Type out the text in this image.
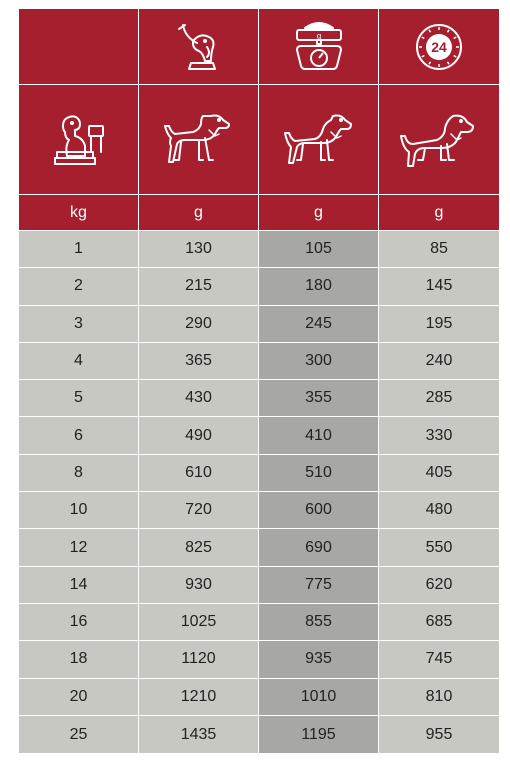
g
24
kg	g	g	g
1	130	105	85
2	215	180	145
3	290	245	195
4	365	300	240
5	430	355	285
6	490	410	330
8	610	510	405
10	720	600	480
12	825	690	550
14	930	775	620
16	1025	855	685
18	1120	935	745
20	1210	1010	810
25	1435	1195	955
